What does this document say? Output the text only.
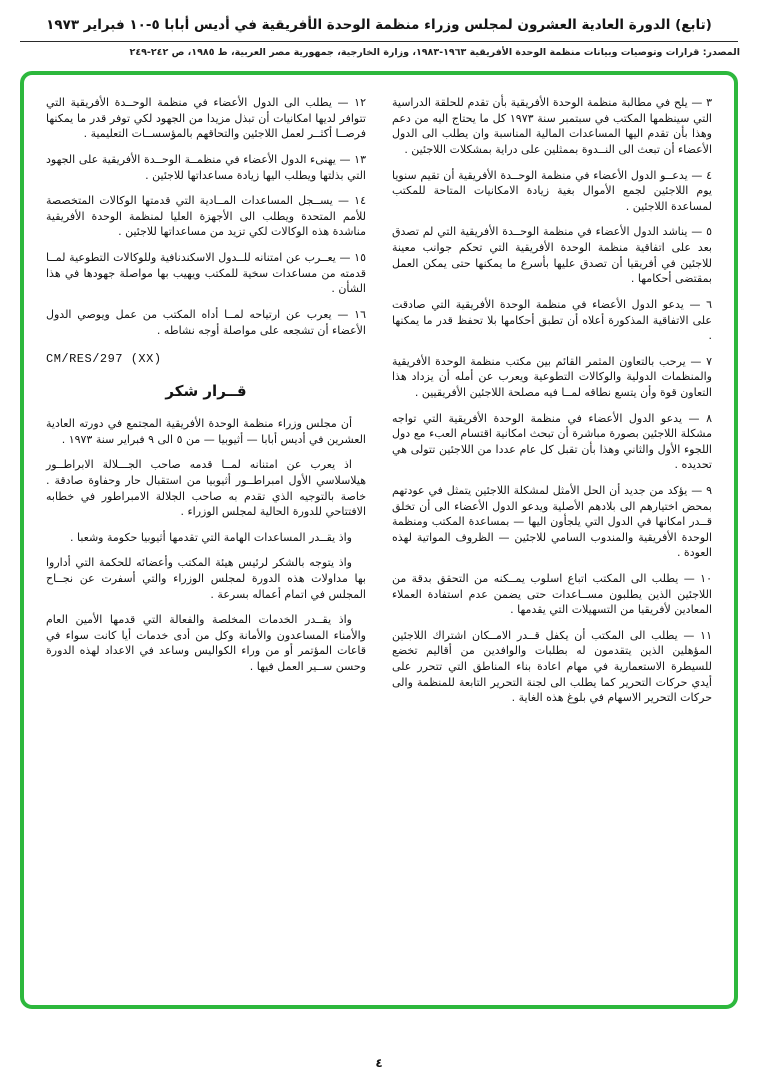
(تابع) الدورة العادية العشرون لمجلس وزراء منظمة الوحدة الأفريقية في أديس أبابا ٥-١٠ فبراير ١٩٧٣
المصدر: قرارات وتوصيات وبيانات منظمة الوحدة الأفريقية ١٩٦٣-١٩٨٣، وزارة الخارجية، جمهورية مصر العربية، ط ١٩٨٥، ص ٢٤٢-٢٤٩

٣ — يلح في مطالبة منظمة الوحدة الأفريقية بأن تقدم للحلقة الدراسية التي سينظمها المكتب في سبتمبر سنة ١٩٧٣ كل ما يحتاج اليه من دعم وهذا بأن تقدم اليها المساعدات المالية المناسبة وان يطلب الى الدول الأعضاء أن تبعث الى النــدوة بممثلين على دراية بمشكلات اللاجئين .

٤ — يدعــو الدول الأعضاء في منظمة الوحــدة الأفريقية أن تقيم سنويا يوم اللاجئين لجمع الأموال بغية زيادة الامكانيات المتاحة للمكتب لمساعدة اللاجئين .

٥ — يناشد الدول الأعضاء في منظمة الوحــدة الأفريقية التي لم تصدق بعد على اتفاقية منظمة الوحدة الأفريقية التي تحكم جوانب معينة للاجئين في أفريقيا أن تصدق عليها بأسرع ما يمكنها حتى يمكن العمل بمقتضى أحكامها .

٦ — يدعو الدول الأعضاء في منظمة الوحدة الأفريقية التي صادقت على الاتفاقية المذكورة أعلاه أن تطبق أحكامها بلا تحفظ قدر ما يمكنها .

٧ — يرحب بالتعاون المثمر القائم بين مكتب منظمة الوحدة الأفريقية والمنظمات الدولية والوكالات التطوعية ويعرب عن أمله أن يزداد هذا التعاون قوة وأن يتسع نطاقه لمــا فيه مصلحة اللاجئين الأفريقيين .

٨ — يدعو الدول الأعضاء في منظمة الوحدة الأفريقية التي تواجه مشكلة اللاجئين بصورة مباشرة أن تبحث امكانية اقتسام العبء مع دول اللجوء الأول والثاني وهذا بأن تقبل كل عام عددا من اللاجئين تتولى هي تحديده .

٩ — يؤكد من جديد أن الحل الأمثل لمشكلة اللاجئين يتمثل في عودتهم بمحض اختيارهم الى بلادهم الأصلية ويدعو الدول الأعضاء الى أن تخلق قــدر امكانها في الدول التي يلجأون اليها — بمساعدة المكتب ومنظمة الوحدة الأفريقية والمندوب السامي للاجئين — الظروف المواتية لهذه العودة .

١٠ — يطلب الى المكتب اتباع اسلوب يمــكنه من التحقق بدقة من اللاجئين الذين يطلبون مســاعدات حتى يضمن عدم استفادة العملاء المعادين لأفريقيا من التسهيلات التي يقدمها .

١١ — يطلب الى المكتب أن يكفل قــدر الامــكان اشتراك اللاجئين المؤهلين الذين يتقدمون له بطلبات والوافدين من أقاليم تخضع للسيطرة الاستعمارية في مهام اعادة بناء المناطق التي تتحرر على أيدي حركات التحرير كما يطلب الى لجنة التحرير التابعة للمنظمة والى حركات التحرير الاسهام في بلوغ هذه الغاية .

١٢ — يطلب الى الدول الأعضاء في منظمة الوحــدة الأفريقية التي تتوافر لديها امكانيات أن تبذل مزيدا من الجهود لكي توفر قدر ما يمكنها فرصــا أكثــر لعمل اللاجئين والتحاقهم بالمؤسســات التعليمية .

١٣ — يهنىء الدول الأعضاء في منظمــة الوحــدة الأفريقية على الجهود التي بذلتها ويطلب اليها زيادة مساعداتها للاجئين .

١٤ — يســجل المساعدات المــادية التي قدمتها الوكالات المتخصصة للأمم المتحدة ويطلب الى الأجهزة العليا لمنظمة الوحدة الأفريقية مناشدة هذه الوكالات لكي تزيد من مساعداتها للاجئين .

١٥ — يعــرب عن امتنانه للــدول الاسكندنافية وللوكالات التطوعية لمــا قدمته من مساعدات سخية للمكتب ويهيب بها مواصلة جهودها في هذا الشأن .

١٦ — يعرب عن ارتياحه لمــا أداه المكتب من عمل ويوصي الدول الأعضاء أن تشجعه على مواصلة أوجه نشاطه .

CM/RES/297 (XX)
قــرار شكر

أن مجلس وزراء منظمة الوحدة الأفريقية المجتمع في دورته العادية العشرين في أديس أبابا — أثيوبيا — من ٥ الى ٩ فبراير سنة ١٩٧٣ .

اذ يعرب عن امتنانه لمــا قدمه صاحب الجـــلالة الابراطــور هيلاسلاسي الأول امبراطــور أثيوبيا من استقبال حار وحفاوة صادقة . خاصة بالتوجيه الذي تقدم به صاحب الجلالة الامبراطور في خطابه الافتتاحي للدورة الحالية لمجلس الوزراء .

واذ يقــدر المساعدات الهامة التي تقدمها أثيوبيا حكومة وشعبا .

واذ يتوجه بالشكر لرئيس هيئة المكتب وأعضائه للحكمة التي أداروا بها مداولات هذه الدورة لمجلس الوزراء والتي أسفرت عن نجــاح المجلس في اتمام أعماله بسرعة .

واذ يقــدر الخدمات المخلصة والفعالة التي قدمها الأمين العام والأمناء المساعدون والأمانة وكل من أدى خدمات أيا كانت سواء في قاعات المؤتمر أو من وراء الكواليس وساعد في الاعداد لهذه الدورة وحسن ســير العمل فيها .

٤
